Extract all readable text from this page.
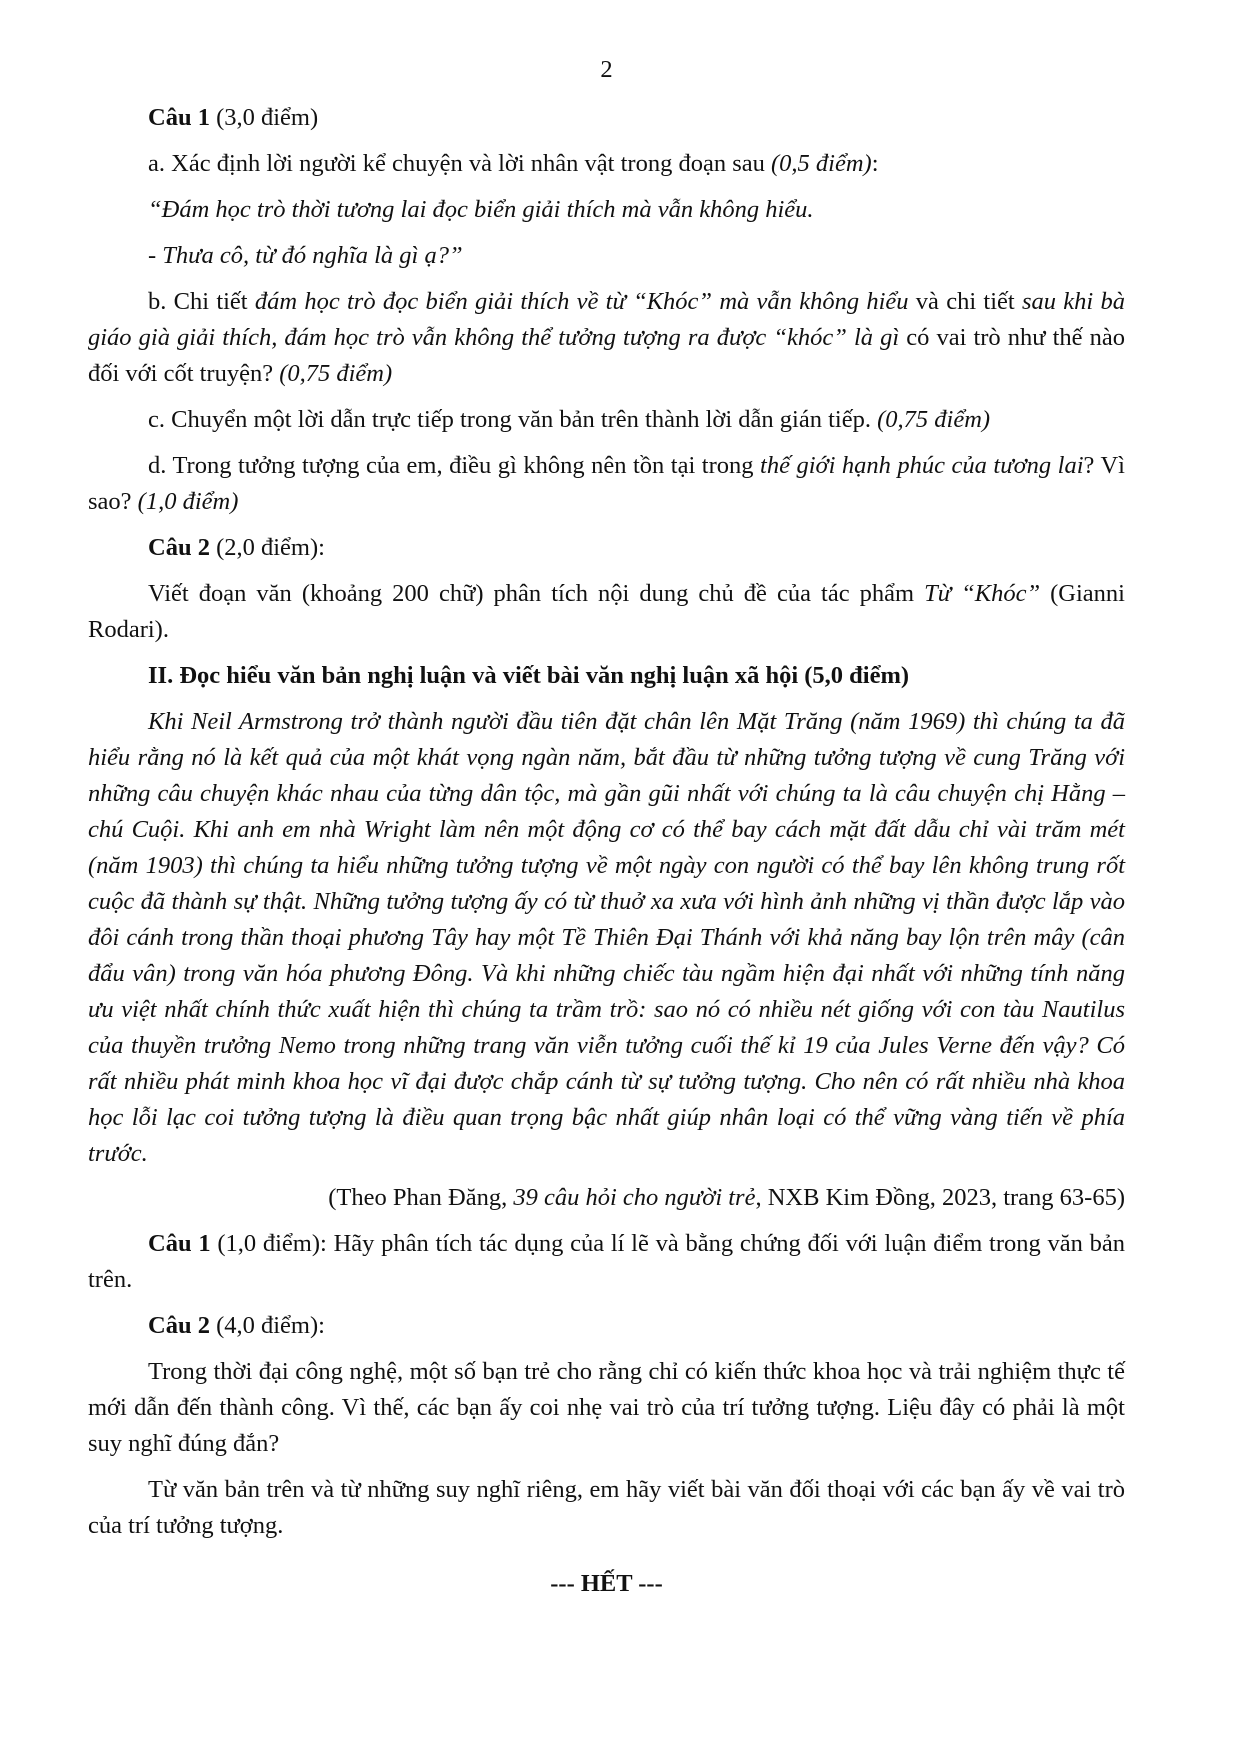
2

Câu 1 (3,0 điểm)

a. Xác định lời người kể chuyện và lời nhân vật trong đoạn sau (0,5 điểm):

“Đám học trò thời tương lai đọc biển giải thích mà vẫn không hiểu.

- Thưa cô, từ đó nghĩa là gì ạ?”

b. Chi tiết đám học trò đọc biển giải thích về từ “Khóc” mà vẫn không hiểu và chi tiết sau khi bà giáo già giải thích, đám học trò vẫn không thể tưởng tượng ra được “khóc” là gì có vai trò như thế nào đối với cốt truyện? (0,75 điểm)

c. Chuyển một lời dẫn trực tiếp trong văn bản trên thành lời dẫn gián tiếp. (0,75 điểm)

d. Trong tưởng tượng của em, điều gì không nên tồn tại trong thế giới hạnh phúc của tương lai? Vì sao? (1,0 điểm)

Câu 2 (2,0 điểm):

Viết đoạn văn (khoảng 200 chữ) phân tích nội dung chủ đề của tác phẩm Từ “Khóc” (Gianni Rodari).

II. Đọc hiểu văn bản nghị luận và viết bài văn nghị luận xã hội (5,0 điểm)

Khi Neil Armstrong trở thành người đầu tiên đặt chân lên Mặt Trăng (năm 1969) thì chúng ta đã hiểu rằng nó là kết quả của một khát vọng ngàn năm, bắt đầu từ những tưởng tượng về cung Trăng với những câu chuyện khác nhau của từng dân tộc, mà gần gũi nhất với chúng ta là câu chuyện chị Hằng – chú Cuội. Khi anh em nhà Wright làm nên một động cơ có thể bay cách mặt đất dẫu chỉ vài trăm mét (năm 1903) thì chúng ta hiểu những tưởng tượng về một ngày con người có thể bay lên không trung rốt cuộc đã thành sự thật. Những tưởng tượng ấy có từ thuở xa xưa với hình ảnh những vị thần được lắp vào đôi cánh trong thần thoại phương Tây hay một Tề Thiên Đại Thánh với khả năng bay lộn trên mây (cân đẩu vân) trong văn hóa phương Đông. Và khi những chiếc tàu ngầm hiện đại nhất với những tính năng ưu việt nhất chính thức xuất hiện thì chúng ta trầm trồ: sao nó có nhiều nét giống với con tàu Nautilus của thuyền trưởng Nemo trong những trang văn viễn tưởng cuối thế kỉ 19 của Jules Verne đến vậy? Có rất nhiều phát minh khoa học vĩ đại được chắp cánh từ sự tưởng tượng. Cho nên có rất nhiều nhà khoa học lỗi lạc coi tưởng tượng là điều quan trọng bậc nhất giúp nhân loại có thể vững vàng tiến về phía trước.

(Theo Phan Đăng, 39 câu hỏi cho người trẻ, NXB Kim Đồng, 2023, trang 63-65)

Câu 1 (1,0 điểm): Hãy phân tích tác dụng của lí lẽ và bằng chứng đối với luận điểm trong văn bản trên.

Câu 2 (4,0 điểm):

Trong thời đại công nghệ, một số bạn trẻ cho rằng chỉ có kiến thức khoa học và trải nghiệm thực tế mới dẫn đến thành công. Vì thế, các bạn ấy coi nhẹ vai trò của trí tưởng tượng. Liệu đây có phải là một suy nghĩ đúng đắn?

Từ văn bản trên và từ những suy nghĩ riêng, em hãy viết bài văn đối thoại với các bạn ấy về vai trò của trí tưởng tượng.

--- HẾT ---
